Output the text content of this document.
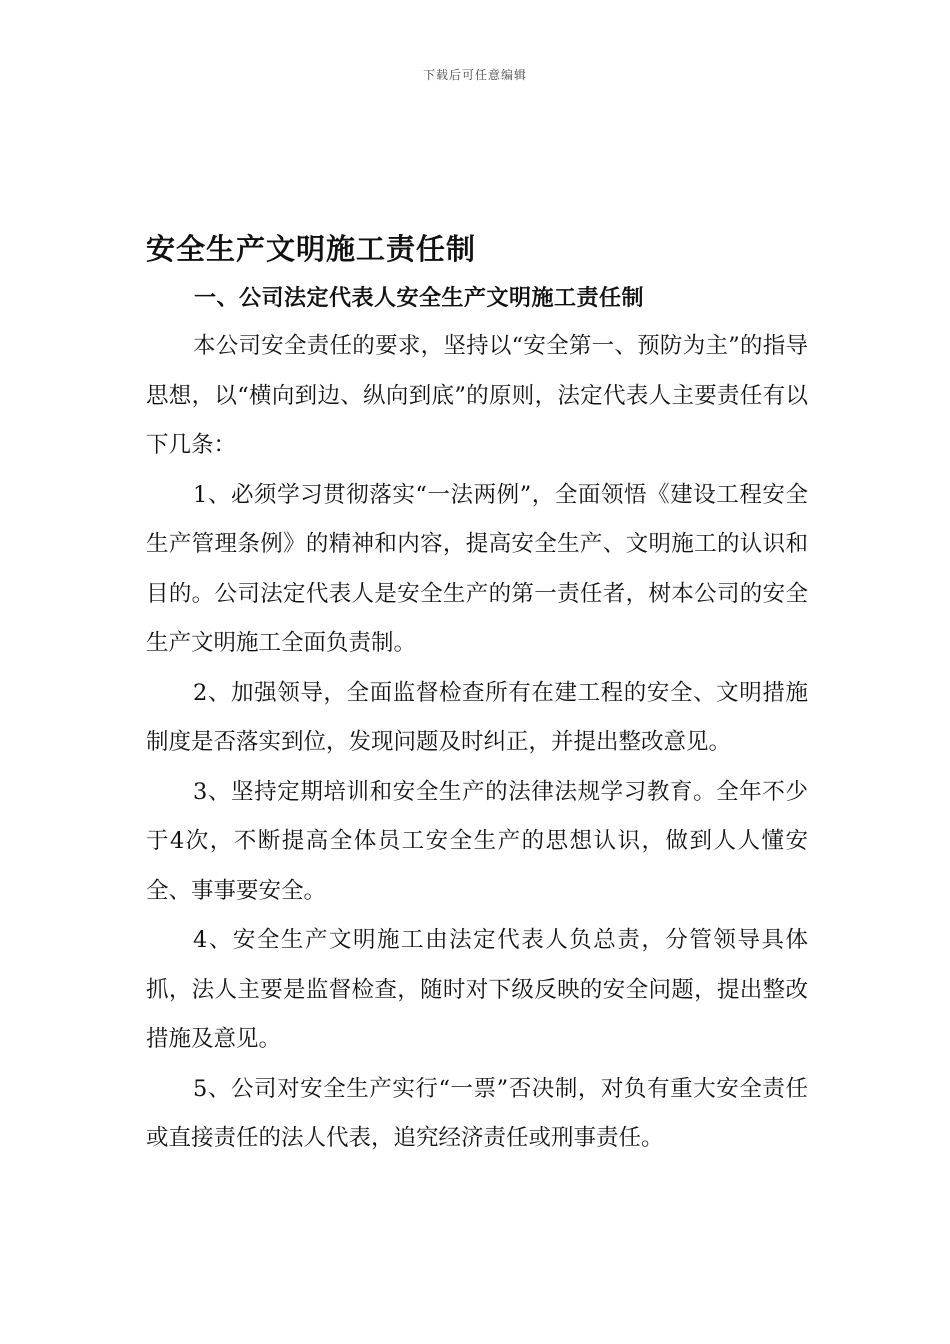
下载后可任意编辑
安全生产文明施工责任制
一、公司法定代表人安全生产文明施工责任制

本公司安全责任的要求，坚持以“安全第一、预防为主”的指导思想，以“横向到边、纵向到底”的原则，法定代表人主要责任有以下几条：

1、必须学习贯彻落实“一法两例”，全面领悟《建设工程安全生产管理条例》的精神和内容，提高安全生产、文明施工的认识和目的。公司法定代表人是安全生产的第一责任者，树本公司的安全生产文明施工全面负责制。

2、加强领导，全面监督检查所有在建工程的安全、文明措施制度是否落实到位，发现问题及时纠正，并提出整改意见。

3、坚持定期培训和安全生产的法律法规学习教育。全年不少于4次，不断提高全体员工安全生产的思想认识，做到人人懂安全、事事要安全。

4、安全生产文明施工由法定代表人负总责，分管领导具体抓，法人主要是监督检查，随时对下级反映的安全问题，提出整改措施及意见。

5、公司对安全生产实行“一票”否决制，对负有重大安全责任或直接责任的法人代表，追究经济责任或刑事责任。
